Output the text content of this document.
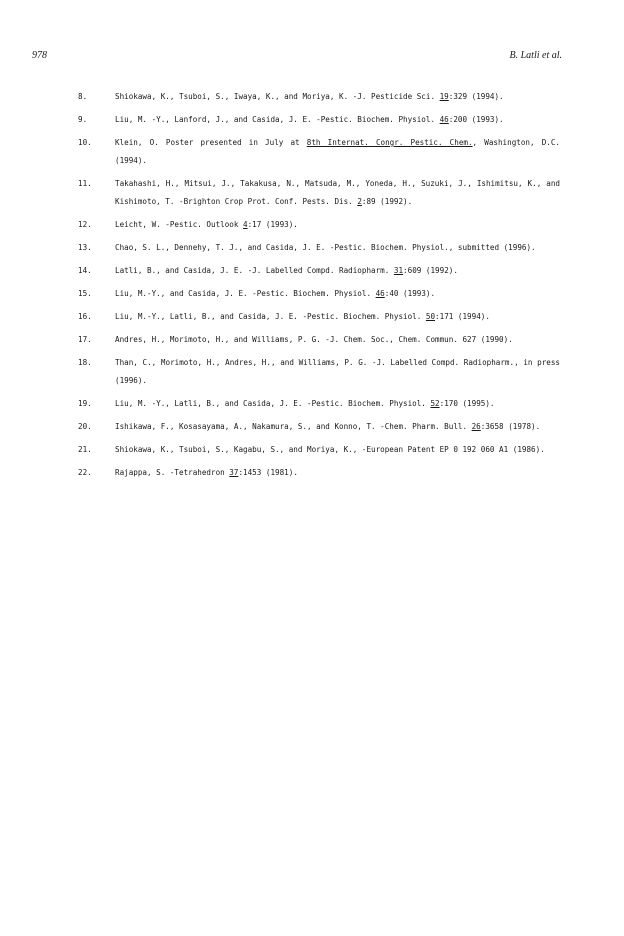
978	B. Latli et al.
8.	Shiokawa, K., Tsuboi, S., Iwaya, K., and Moriya, K. -J. Pesticide Sci. 19:329 (1994).
9.	Liu, M. -Y., Lanford, J., and Casida, J. E. -Pestic. Biochem. Physiol. 46:200 (1993).
10.	Klein, O. Poster presented in July at 8th Internat. Congr. Pestic. Chem., Washington, D.C. (1994).
11.	Takahashi, H., Mitsui, J., Takakusa, N., Matsuda, M., Yoneda, H., Suzuki, J., Ishimitsu, K., and Kishimoto, T. -Brighton Crop Prot. Conf. Pests. Dis. 2:89 (1992).
12.	Leicht, W. -Pestic. Outlook 4:17 (1993).
13.	Chao, S. L., Dennehy, T. J., and Casida, J. E. -Pestic. Biochem. Physiol., submitted (1996).
14.	Latli, B., and Casida, J. E. -J. Labelled Compd. Radiopharm. 31:609 (1992).
15.	Liu, M.-Y., and Casida, J. E. -Pestic. Biochem. Physiol. 46:40 (1993).
16.	Liu, M.-Y., Latli, B., and Casida, J. E. -Pestic. Biochem. Physiol. 50:171 (1994).
17.	Andres, H., Morimoto, H., and Williams, P. G. -J. Chem. Soc., Chem. Commun. 627 (1990).
18.	Than, C., Morimoto, H., Andres, H., and Williams, P. G. -J. Labelled Compd. Radiopharm., in press (1996).
19.	Liu, M. -Y., Latli, B., and Casida, J. E. -Pestic. Biochem. Physiol. 52:170 (1995).
20.	Ishikawa, F., Kosasayama, A., Nakamura, S., and Konno, T. -Chem. Pharm. Bull. 26:3658 (1978).
21.	Shiokawa, K., Tsuboi, S., Kagabu, S., and Moriya, K., -European Patent EP 0 192 060 A1 (1986).
22.	Rajappa, S. -Tetrahedron 37:1453 (1981).
